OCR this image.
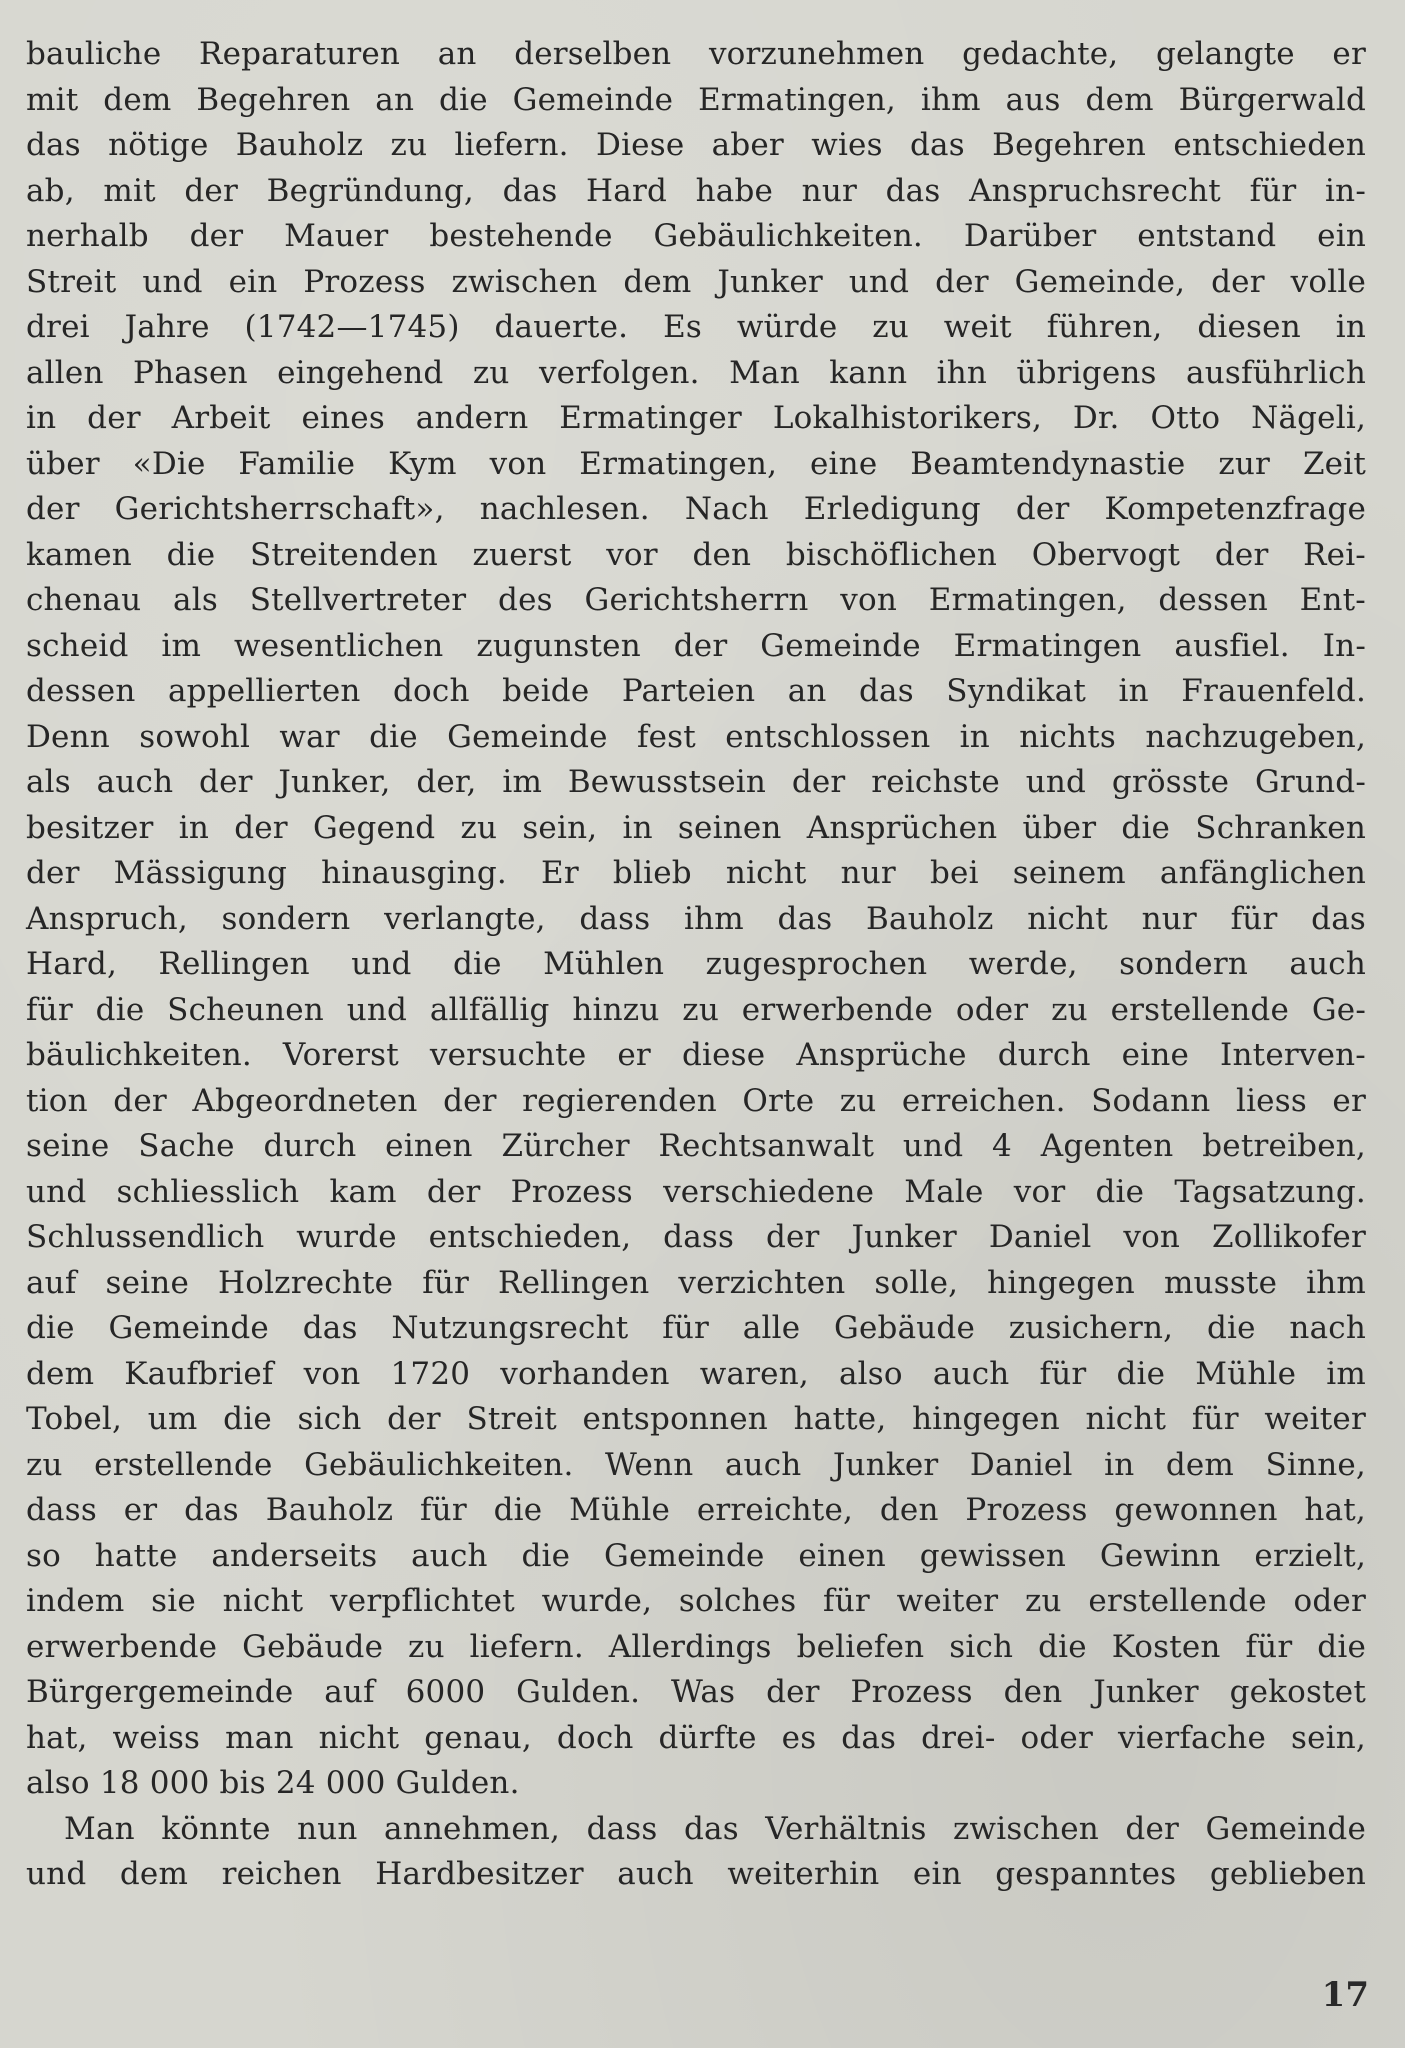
bauliche Reparaturen an derselben vorzunehmen gedachte, gelangte er
mit dem Begehren an die Gemeinde Ermatingen, ihm aus dem Bürgerwald
das nötige Bauholz zu liefern. Diese aber wies das Begehren entschieden
ab, mit der Begründung, das Hard habe nur das Anspruchsrecht für in-
nerhalb der Mauer bestehende Gebäulichkeiten. Darüber entstand ein
Streit und ein Prozess zwischen dem Junker und der Gemeinde, der volle
drei Jahre (1742—1745) dauerte. Es würde zu weit führen, diesen in
allen Phasen eingehend zu verfolgen. Man kann ihn übrigens ausführlich
in der Arbeit eines andern Ermatinger Lokalhistorikers, Dr. Otto Nägeli,
über «Die Familie Kym von Ermatingen, eine Beamtendynastie zur Zeit
der Gerichtsherrschaft», nachlesen. Nach Erledigung der Kompetenzfrage
kamen die Streitenden zuerst vor den bischöflichen Obervogt der Rei-
chenau als Stellvertreter des Gerichtsherrn von Ermatingen, dessen Ent-
scheid im wesentlichen zugunsten der Gemeinde Ermatingen ausfiel. In-
dessen appellierten doch beide Parteien an das Syndikat in Frauenfeld.
Denn sowohl war die Gemeinde fest entschlossen in nichts nachzugeben,
als auch der Junker, der, im Bewusstsein der reichste und grösste Grund-
besitzer in der Gegend zu sein, in seinen Ansprüchen über die Schranken
der Mässigung hinausging. Er blieb nicht nur bei seinem anfänglichen
Anspruch, sondern verlangte, dass ihm das Bauholz nicht nur für das
Hard, Rellingen und die Mühlen zugesprochen werde, sondern auch
für die Scheunen und allfällig hinzu zu erwerbende oder zu erstellende Ge-
bäulichkeiten. Vorerst versuchte er diese Ansprüche durch eine Interven-
tion der Abgeordneten der regierenden Orte zu erreichen. Sodann liess er
seine Sache durch einen Zürcher Rechtsanwalt und 4 Agenten betreiben,
und schliesslich kam der Prozess verschiedene Male vor die Tagsatzung.
Schlussendlich wurde entschieden, dass der Junker Daniel von Zollikofer
auf seine Holzrechte für Rellingen verzichten solle, hingegen musste ihm
die Gemeinde das Nutzungsrecht für alle Gebäude zusichern, die nach
dem Kaufbrief von 1720 vorhanden waren, also auch für die Mühle im
Tobel, um die sich der Streit entsponnen hatte, hingegen nicht für weiter
zu erstellende Gebäulichkeiten. Wenn auch Junker Daniel in dem Sinne,
dass er das Bauholz für die Mühle erreichte, den Prozess gewonnen hat,
so hatte anderseits auch die Gemeinde einen gewissen Gewinn erzielt,
indem sie nicht verpflichtet wurde, solches für weiter zu erstellende oder
erwerbende Gebäude zu liefern. Allerdings beliefen sich die Kosten für die
Bürgergemeinde auf 6000 Gulden. Was der Prozess den Junker gekostet
hat, weiss man nicht genau, doch dürfte es das drei- oder vierfache sein,
also 18 000 bis 24 000 Gulden.
Man könnte nun annehmen, dass das Verhältnis zwischen der Gemeinde
und dem reichen Hardbesitzer auch weiterhin ein gespanntes geblieben
17
